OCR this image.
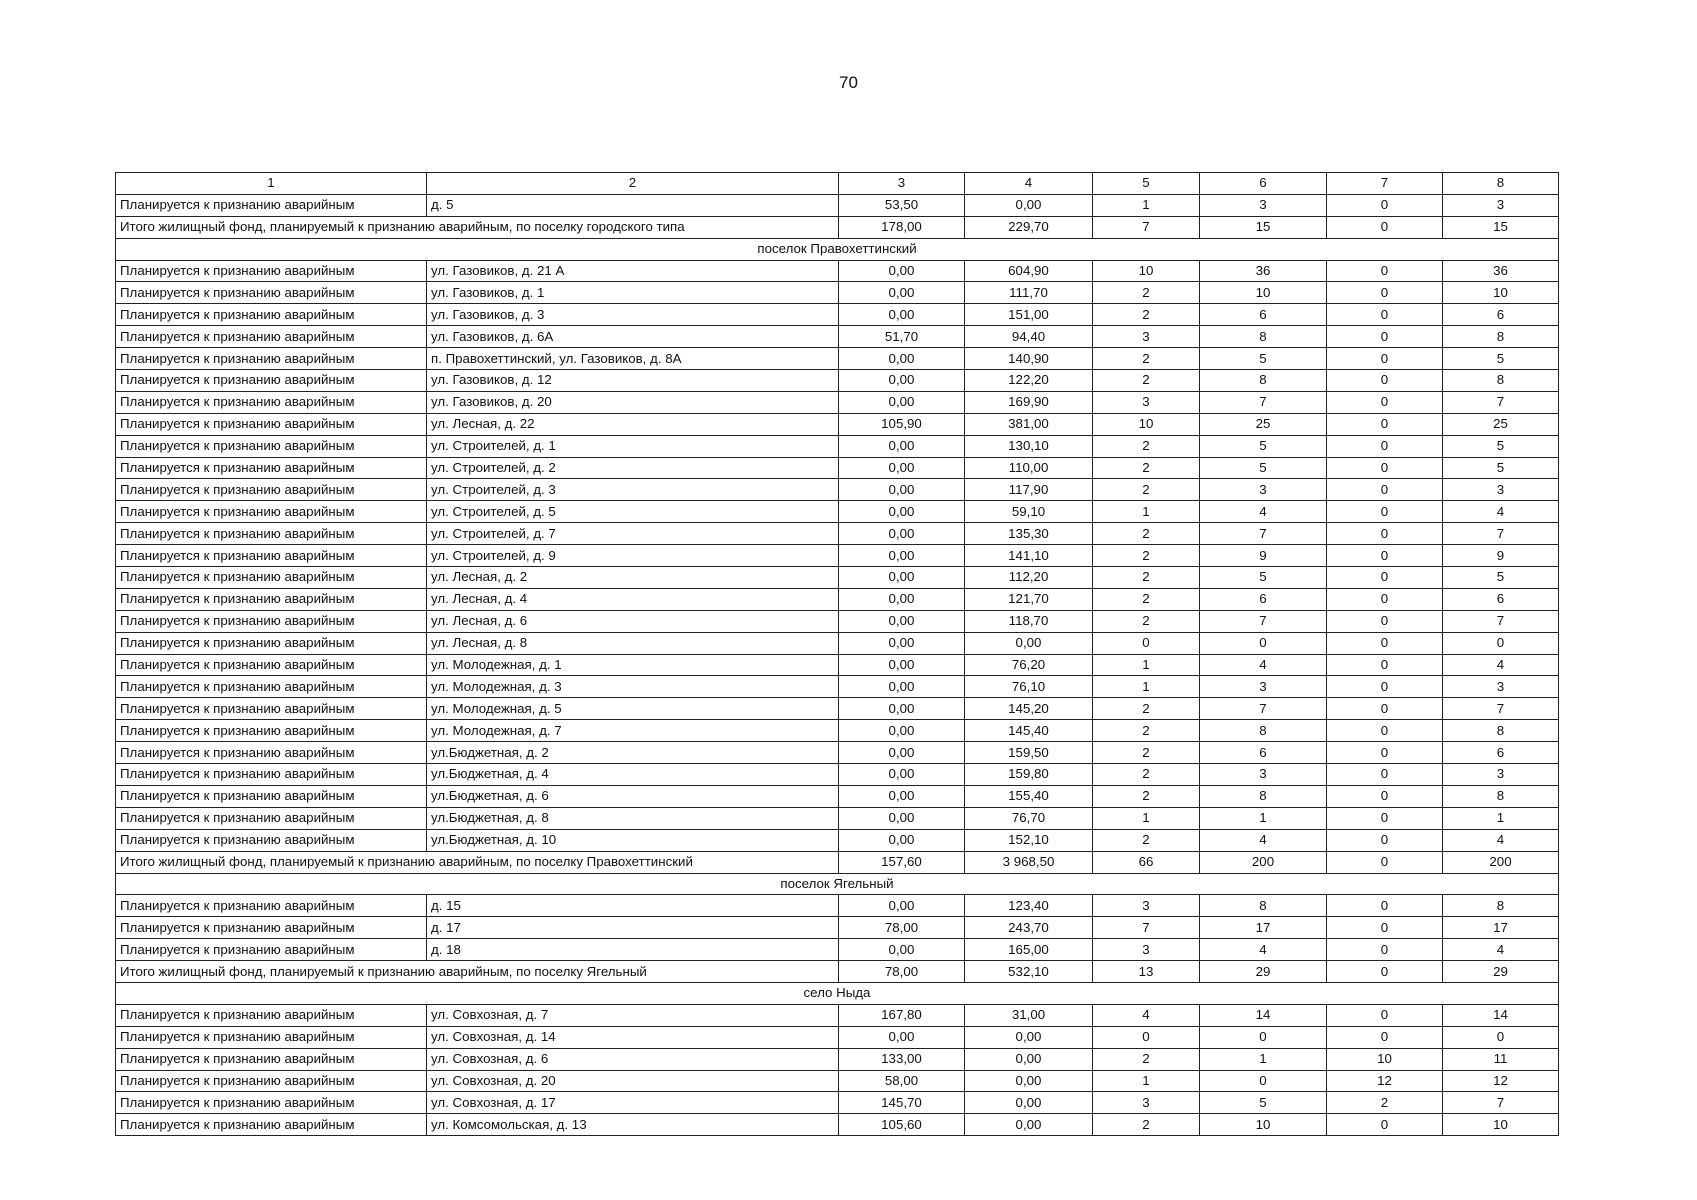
70
1	2	3	4	5	6	7	8
Планируется к признанию аварийным	д. 5	53,50	0,00	1	3	0	3
Итого жилищный фонд, планируемый к признанию аварийным, по поселку городского типа		178,00	229,70	7	15	0	15
поселок Правохеттинский							
Планируется к признанию аварийным	ул. Газовиков, д. 21 А	0,00	604,90	10	36	0	36
Планируется к признанию аварийным	ул. Газовиков, д. 1	0,00	111,70	2	10	0	10
Планируется к признанию аварийным	ул. Газовиков, д. 3	0,00	151,00	2	6	0	6
Планируется к признанию аварийным	ул. Газовиков, д. 6А	51,70	94,40	3	8	0	8
Планируется к признанию аварийным	п. Правохеттинский, ул. Газовиков, д. 8А	0,00	140,90	2	5	0	5
Планируется к признанию аварийным	ул. Газовиков, д. 12	0,00	122,20	2	8	0	8
Планируется к признанию аварийным	ул. Газовиков, д. 20	0,00	169,90	3	7	0	7
Планируется к признанию аварийным	ул. Лесная, д. 22	105,90	381,00	10	25	0	25
Планируется к признанию аварийным	ул. Строителей, д. 1	0,00	130,10	2	5	0	5
Планируется к признанию аварийным	ул. Строителей, д. 2	0,00	110,00	2	5	0	5
Планируется к признанию аварийным	ул. Строителей, д. 3	0,00	117,90	2	3	0	3
Планируется к признанию аварийным	ул. Строителей, д. 5	0,00	59,10	1	4	0	4
Планируется к признанию аварийным	ул. Строителей, д. 7	0,00	135,30	2	7	0	7
Планируется к признанию аварийным	ул. Строителей, д. 9	0,00	141,10	2	9	0	9
Планируется к признанию аварийным	ул. Лесная, д. 2	0,00	112,20	2	5	0	5
Планируется к признанию аварийным	ул. Лесная, д. 4	0,00	121,70	2	6	0	6
Планируется к признанию аварийным	ул. Лесная, д. 6	0,00	118,70	2	7	0	7
Планируется к признанию аварийным	ул. Лесная, д. 8	0,00	0,00	0	0	0	0
Планируется к признанию аварийным	ул. Молодежная, д. 1	0,00	76,20	1	4	0	4
Планируется к признанию аварийным	ул. Молодежная, д. 3	0,00	76,10	1	3	0	3
Планируется к признанию аварийным	ул. Молодежная, д. 5	0,00	145,20	2	7	0	7
Планируется к признанию аварийным	ул. Молодежная, д. 7	0,00	145,40	2	8	0	8
Планируется к признанию аварийным	ул.Бюджетная, д. 2	0,00	159,50	2	6	0	6
Планируется к признанию аварийным	ул.Бюджетная, д. 4	0,00	159,80	2	3	0	3
Планируется к признанию аварийным	ул.Бюджетная, д. 6	0,00	155,40	2	8	0	8
Планируется к признанию аварийным	ул.Бюджетная, д. 8	0,00	76,70	1	1	0	1
Планируется к признанию аварийным	ул.Бюджетная, д. 10	0,00	152,10	2	4	0	4
Итого жилищный фонд, планируемый к признанию аварийным, по поселку Правохеттинский		157,60	3 968,50	66	200	0	200
поселок Ягельный							
Планируется к признанию аварийным	д. 15	0,00	123,40	3	8	0	8
Планируется к признанию аварийным	д. 17	78,00	243,70	7	17	0	17
Планируется к признанию аварийным	д. 18	0,00	165,00	3	4	0	4
Итого жилищный фонд, планируемый к признанию аварийным, по поселку Ягельный		78,00	532,10	13	29	0	29
село Ныда							
Планируется к признанию аварийным	ул. Совхозная, д. 7	167,80	31,00	4	14	0	14
Планируется к признанию аварийным	ул. Совхозная, д. 14	0,00	0,00	0	0	0	0
Планируется к признанию аварийным	ул. Совхозная, д. 6	133,00	0,00	2	1	10	11
Планируется к признанию аварийным	ул. Совхозная, д. 20	58,00	0,00	1	0	12	12
Планируется к признанию аварийным	ул. Совхозная, д. 17	145,70	0,00	3	5	2	7
Планируется к признанию аварийным	ул. Комсомольская, д. 13	105,60	0,00	2	10	0	10
